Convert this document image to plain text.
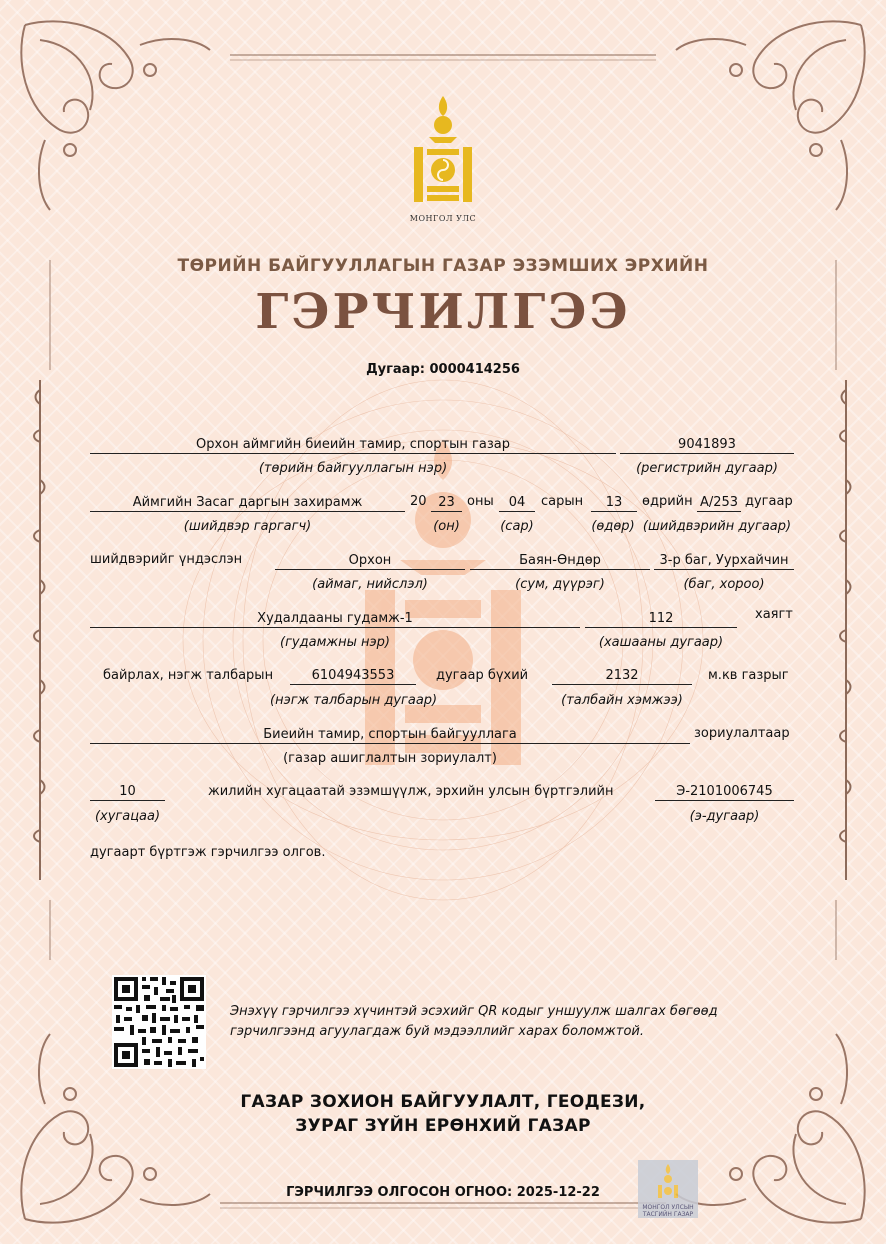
МОНГОЛ УЛС
ТӨРИЙН БАЙГУУЛЛАГЫН ГАЗАР ЭЗЭМШИХ ЭРХИЙН
ГЭРЧИЛГЭЭ
Дугаар: 0000414256
Орхон аймгийн биеийн тамир, спортын газар	9041893
(төрийн байгууллагын нэр)	(регистрийн дугаар)
Аймгийн Засаг даргын захирамж	20 23 оны	04	сарын	13	өдрийн А/253 дугаар
(шийдвэр гаргагч)	(он)	(сар)	(өдөр) (шийдвэрийн дугаар)
шийдвэрийг үндэслэн	Орхон	Баян-Өндөр	3-р баг, Уурхайчин
(аймаг, нийслэл)	(сум, дүүрэг)	(баг, хороо)
Худалдааны гудамж-1	112	хаягт
(гудамжны нэр)	(хашааны дугаар)
байрлах, нэгж талбарын	6104943553	дугаар бүхий	2132	м.кв газрыг
(нэгж талбарын дугаар)	(талбайн хэмжээ)
Биеийн тамир, спортын байгууллага	зориулалтаар
(газар ашиглалтын зориулалт)
10	жилийн хугацаатай эзэмшүүлж, эрхийн улсын бүртгэлийн	Э-2101006745
(хугацаа)	(э-дугаар)
дугаарт бүртгэж гэрчилгээ олгов.
Энэхүү гэрчилгээ хүчинтэй эсэхийг QR кодыг уншуулж шалгах бөгөөд
гэрчилгээнд агуулагдаж буй мэдээллийг харах боломжтой.
ГАЗАР ЗОХИОН БАЙГУУЛАЛТ, ГЕОДЕЗИ,
ЗУРАГ ЗҮЙН ЕРӨНХИЙ ГАЗАР
ГЭРЧИЛГЭЭ ОЛГОСОН ОГНОО: 2025-12-22
МОНГОЛ УЛСЫН ТАСГИЙН ГАЗАР
